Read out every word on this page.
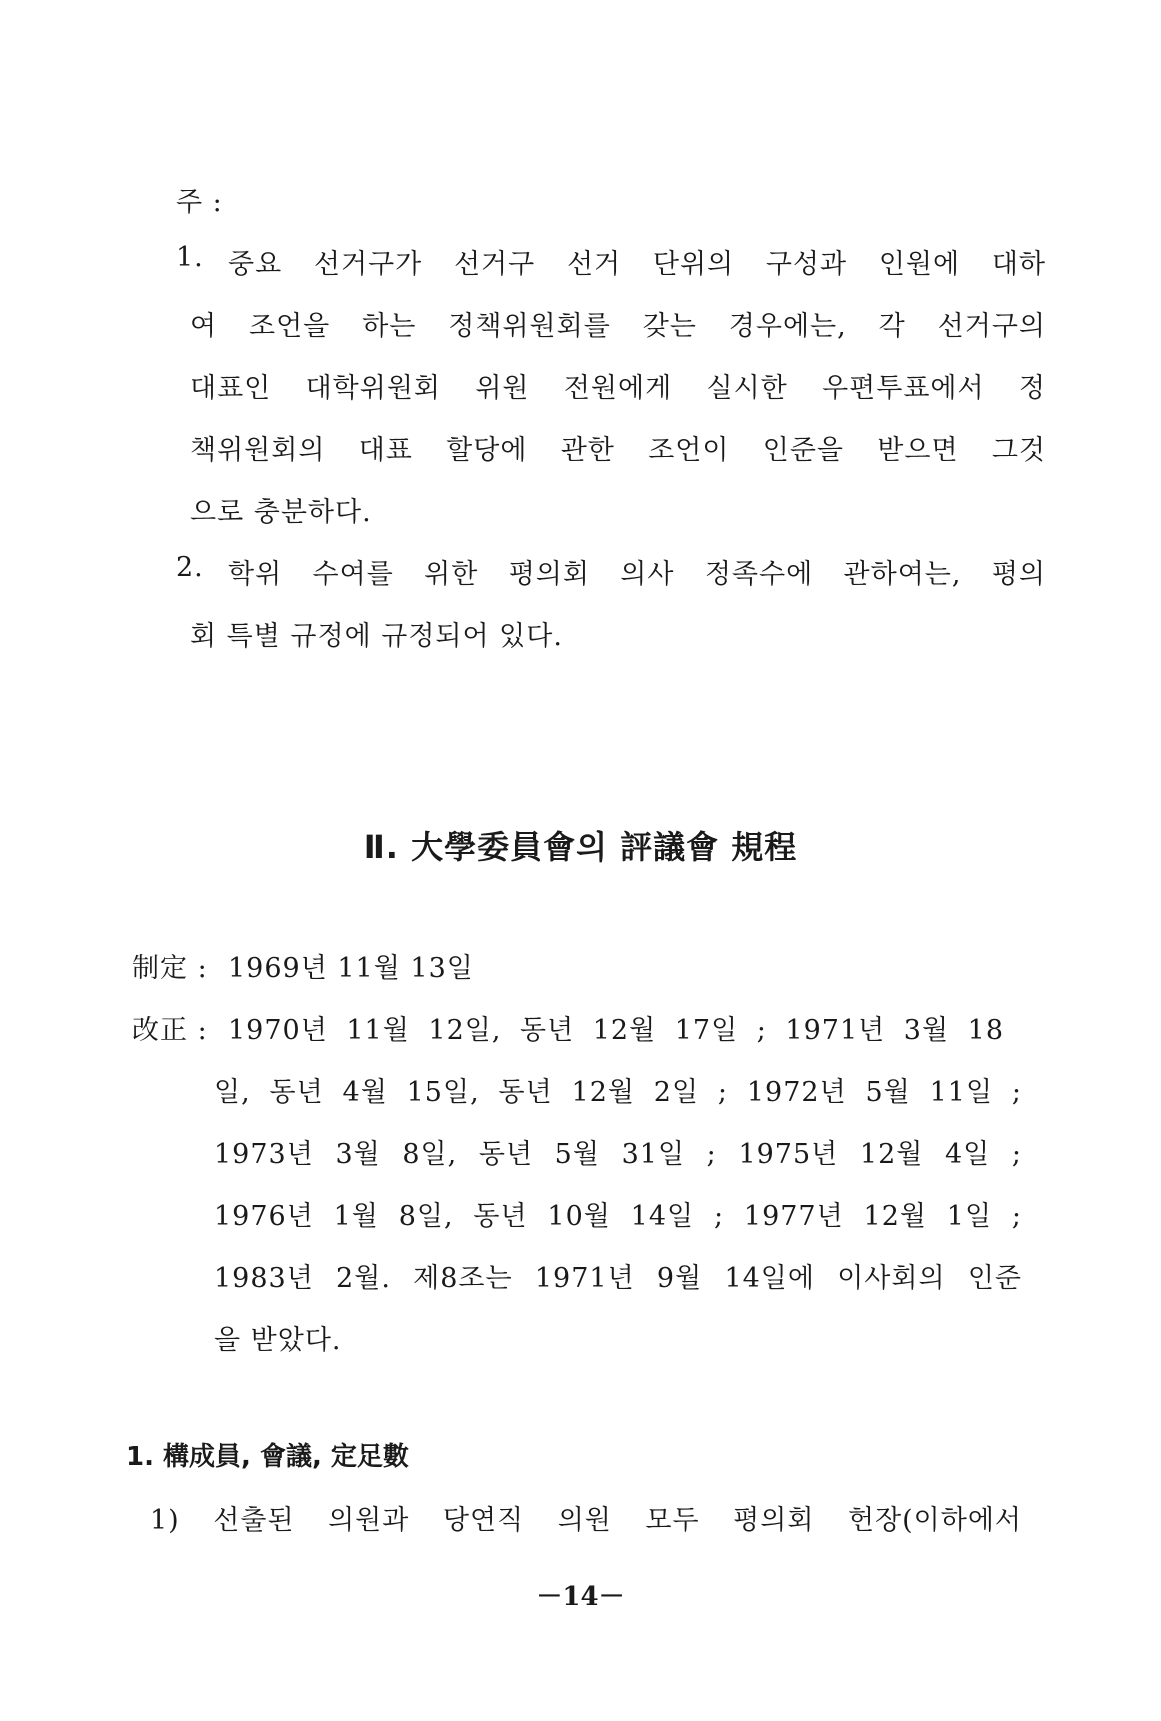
주 :
1. 중요 선거구가 선거구 선거 단위의 구성과 인원에 대하
여 조언을 하는 정책위원회를 갖는 경우에는, 각 선거구의
대표인 대학위원회 위원 전원에게 실시한 우편투표에서 정
책위원회의 대표 할당에 관한 조언이 인준을 받으면 그것
으로 충분하다.
2. 학위 수여를 위한 평의회 의사 정족수에 관하여는, 평의
회 특별 규정에 규정되어 있다.
Ⅱ. 大學委員會의 評議會 規程
制定 : 1969년 11월 13일
改正 : 1970년 11월 12일, 동년 12월 17일 ; 1971년 3월 18
일, 동년 4월 15일, 동년 12월 2일 ; 1972년 5월 11일 ;
1973년 3월 8일, 동년 5월 31일 ; 1975년 12월 4일 ;
1976년 1월 8일, 동년 10월 14일 ; 1977년 12월 1일 ;
1983년 2월. 제8조는 1971년 9월 14일에 이사회의 인준
을 받았다.
1. 構成員, 會議, 定足數
1) 선출된 의원과 당연직 의원 모두 평의회 헌장(이하에서
－14－
